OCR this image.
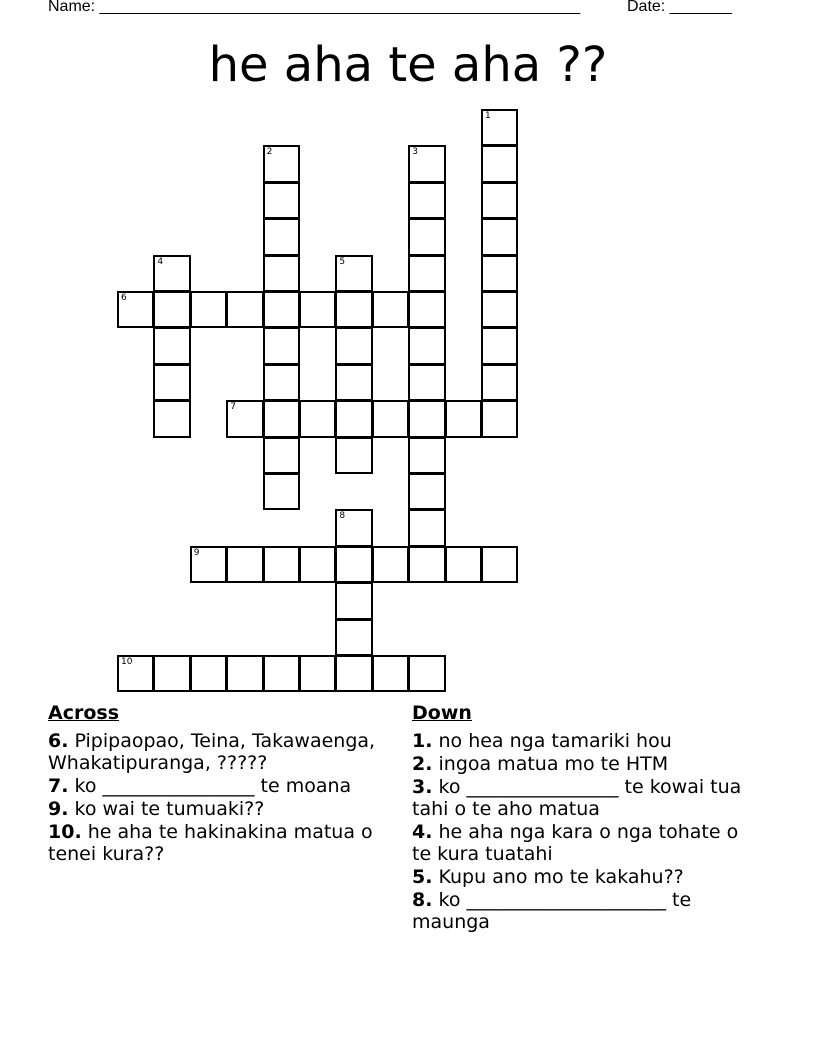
Name: ______________________________________________________	Date: _______
he aha te aha ??
1
2	3
4	5
6
7
8
9
10
Across
6. Pipipaopao, Teina, Takawaenga, Whakatipuranga, ?????
7. ko ________________ te moana
9. ko wai te tumuaki??
10. he aha te hakinakina matua o tenei kura??
Down
1. no hea nga tamariki hou
2. ingoa matua mo te HTM
3. ko ________________ te kowai tua tahi o te aho matua
4. he aha nga kara o nga tohate o te kura tuatahi
5. Kupu ano mo te kakahu??
8. ko _____________________ te maunga
